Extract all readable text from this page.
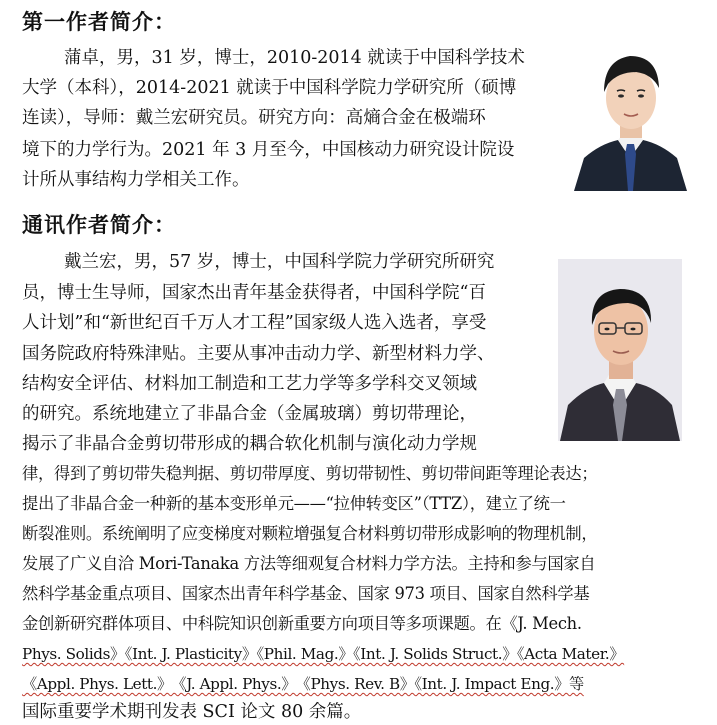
第一作者简介：
蒲卓，男，31 岁，博士，2010-2014 就读于中国科学技术
大学（本科），2014-2021 就读于中国科学院力学研究所（硕博
连读），导师：戴兰宏研究员。研究方向：高熵合金在极端环
境下的力学行为。2021 年 3 月至今，中国核动力研究设计院设
计所从事结构力学相关工作。
通讯作者简介：
戴兰宏，男，57 岁，博士，中国科学院力学研究所研究
员，博士生导师，国家杰出青年基金获得者，中国科学院“百
人计划”和“新世纪百千万人才工程”国家级人选入选者，享受
国务院政府特殊津贴。主要从事冲击动力学、新型材料力学、
结构安全评估、材料加工制造和工艺力学等多学科交叉领域
的研究。系统地建立了非晶合金（金属玻璃）剪切带理论，
揭示了非晶合金剪切带形成的耦合软化机制与演化动力学规
律，得到了剪切带失稳判据、剪切带厚度、剪切带韧性、剪切带间距等理论表达；
提出了非晶合金一种新的基本变形单元——“拉伸转变区”（TTZ），建立了统一
断裂准则。系统阐明了应变梯度对颗粒增强复合材料剪切带形成影响的物理机制，
发展了广义自洽 Mori-Tanaka 方法等细观复合材料力学方法。主持和参与国家自
然科学基金重点项目、国家杰出青年科学基金、国家 973 项目、国家自然科学基
金创新研究群体项目、中科院知识创新重要方向项目等多项课题。在《J. Mech.
Phys. Solids》《Int. J. Plasticity》《Phil. Mag.》《Int. J. Solids Struct.》《Acta Mater.》
《Appl. Phys. Lett.》　《J. Appl. Phys.》　《Phys. Rev. B》《Int. J. Impact Eng.》等
国际重要学术期刊发表 SCI 论文 80 余篇。
